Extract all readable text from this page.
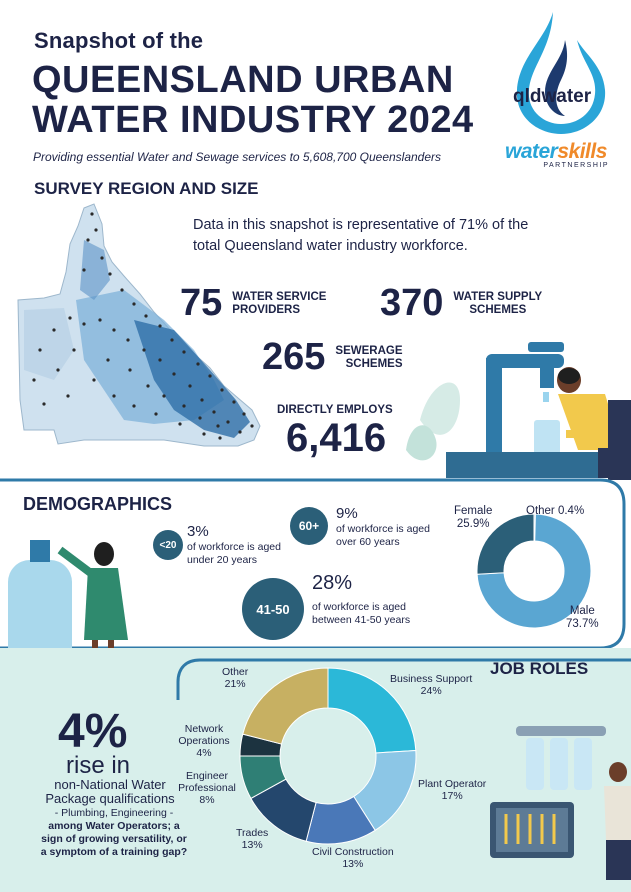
Snapshot of the
QUEENSLAND URBAN
WATER INDUSTRY 2024
Providing essential Water and Sewage services to 5,608,700 Queenslanders
qldwater
waterskills
PARTNERSHIP
SURVEY REGION AND SIZE
Data in this snapshot is representative of 71% of the total Queensland water industry workforce.
75 WATER SERVICE
PROVIDERS	370 WATER SUPPLY
SCHEMES
265 SEWERAGE
SCHEMES
DIRECTLY EMPLOYS
6,416
DEMOGRAPHICS
<20
3%
of workforce is aged
under 20 years
60+
9%
of workforce is aged
over 60 years
41-50
28%
of workforce is aged
between 41-50 years
Female
25.9%
Other 0.4%
Male
73.7%
JOB ROLES
Other
21%	Business Support
24%
Plant Operator
17%
Civil Construction
13%
Trades
13%
Engineer Professional
8%
Network Operations
4%
4%
rise in
non-National Water
Package qualifications
- Plumbing, Engineering -
among Water Operators; a
sign of growing versatility, or
a symptom of a training gap?
